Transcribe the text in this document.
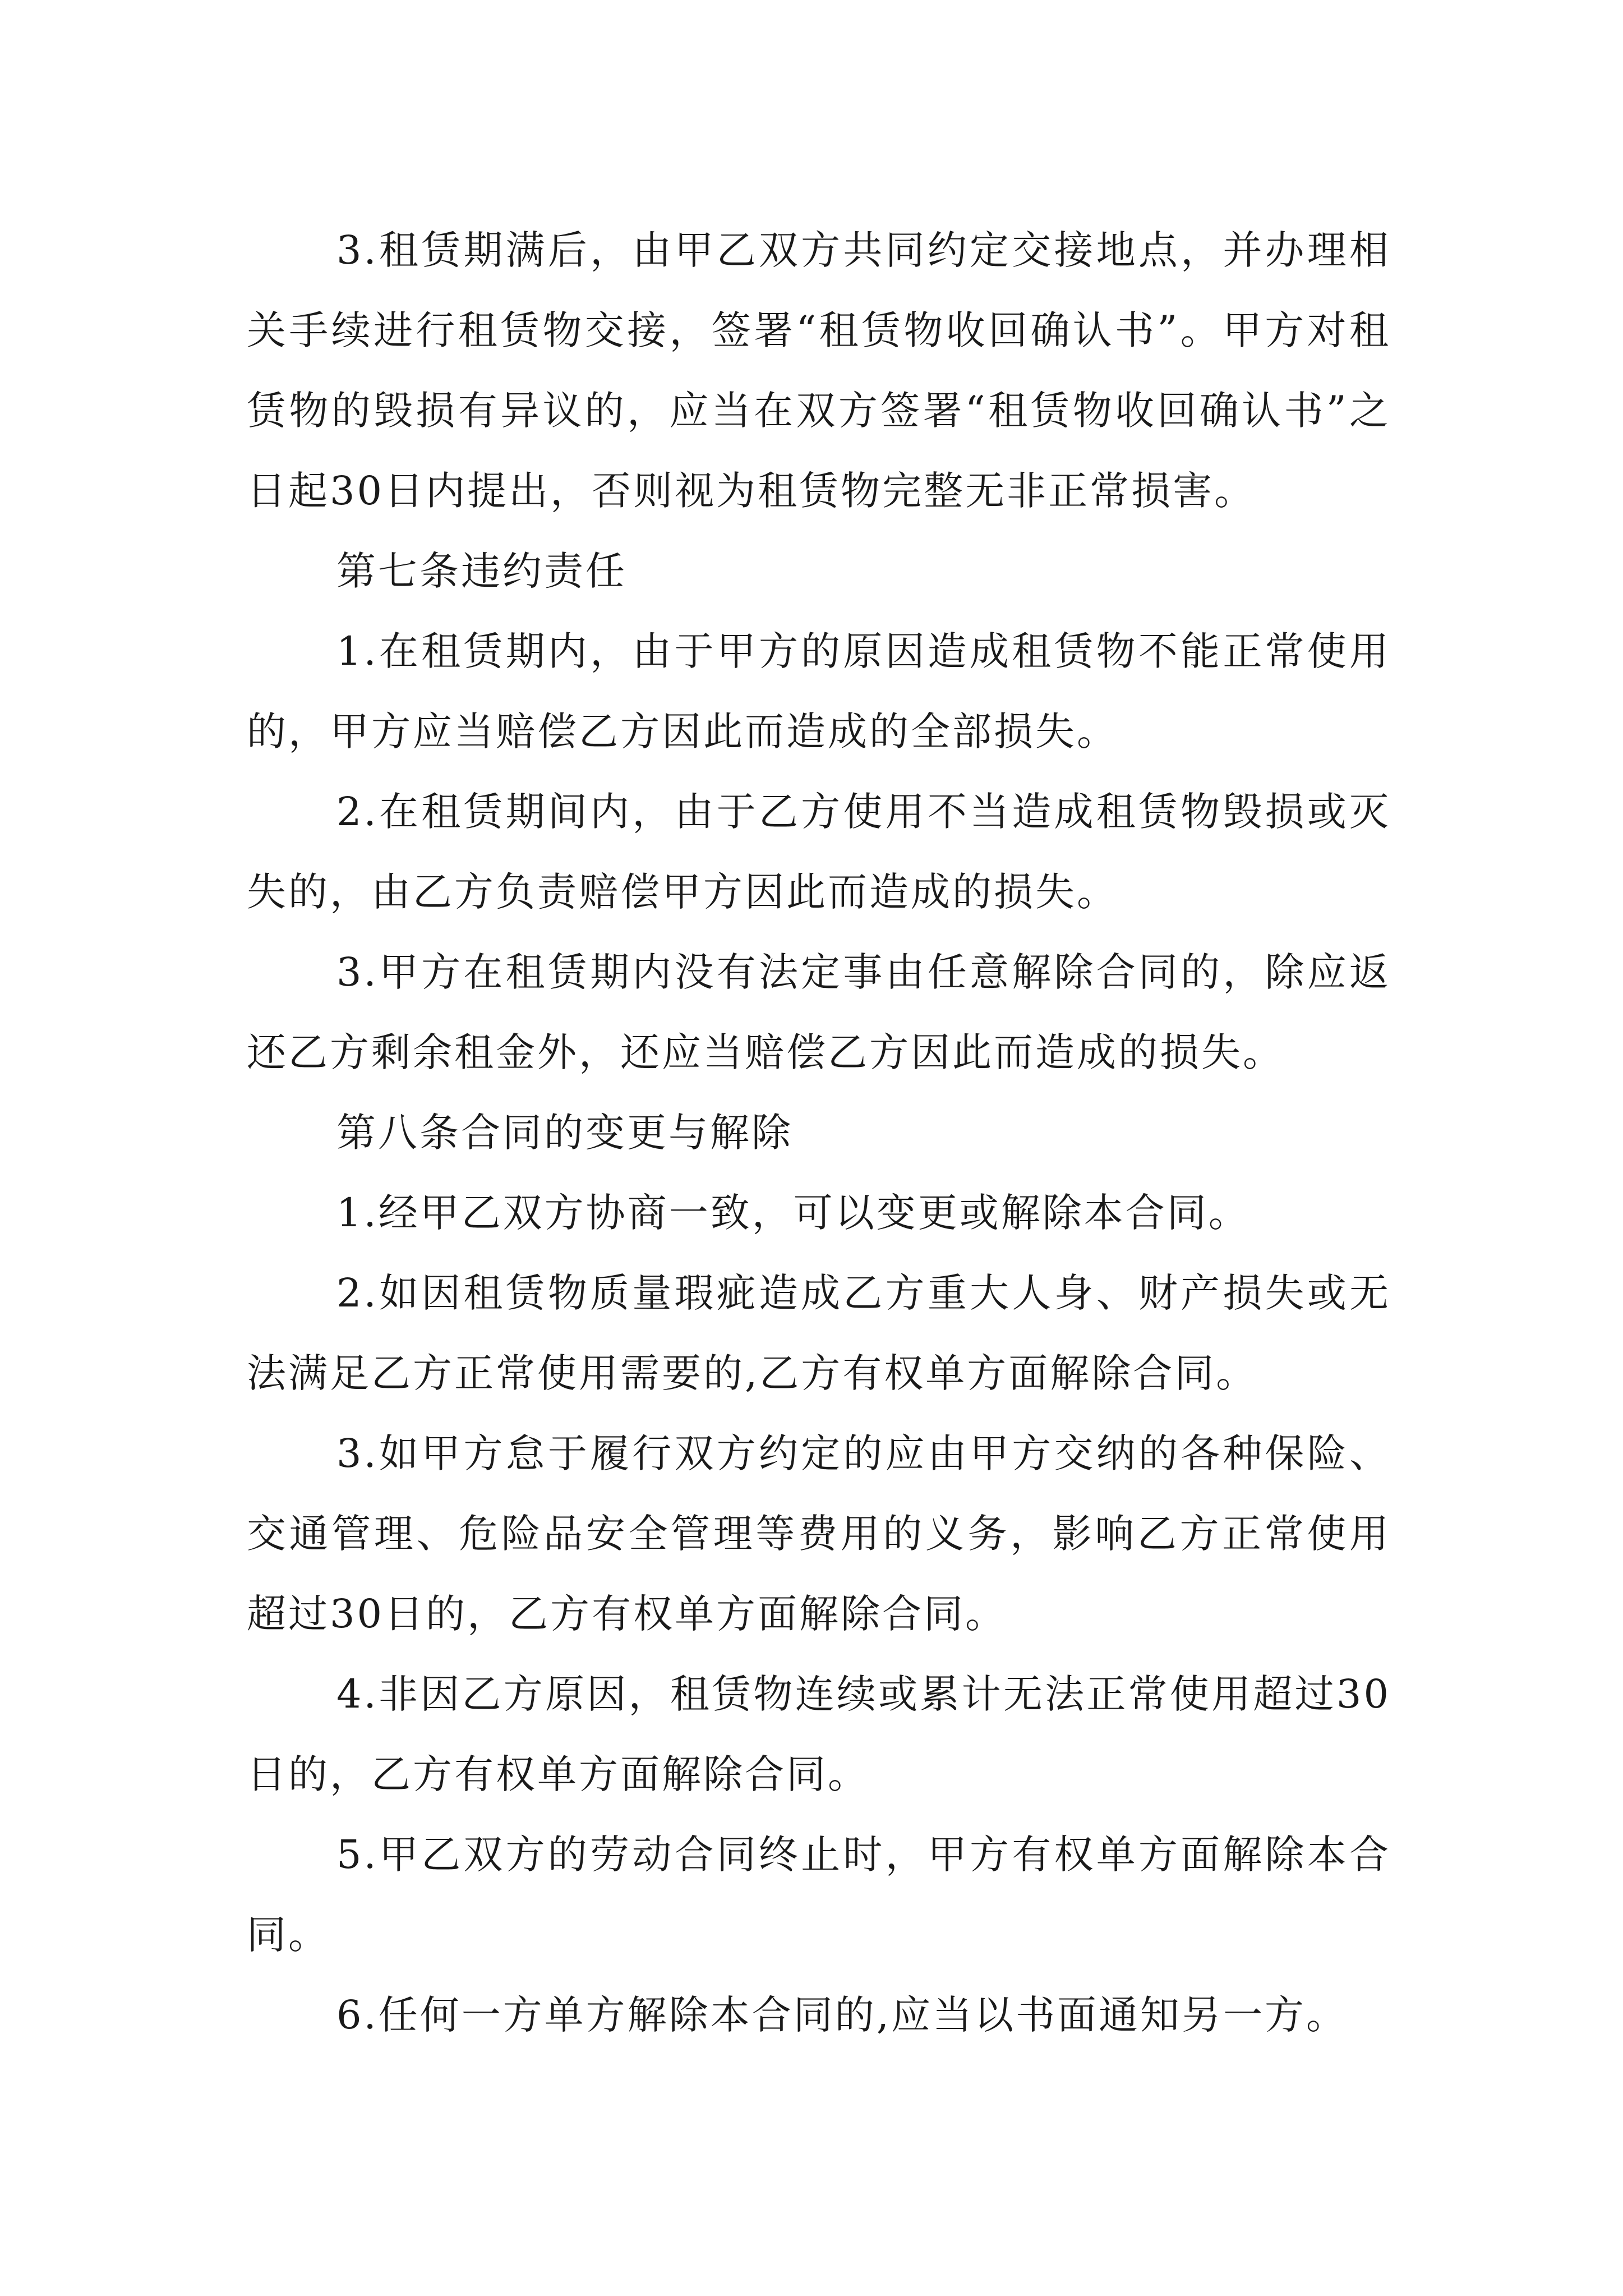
3.租赁期满后，由甲乙双方共同约定交接地点，并办理相关手续进行租赁物交接，签署“租赁物收回确认书”。甲方对租赁物的毁损有异议的，应当在双方签署“租赁物收回确认书”之日起30日内提出，否则视为租赁物完整无非正常损害。

第七条违约责任

1.在租赁期内，由于甲方的原因造成租赁物不能正常使用的，甲方应当赔偿乙方因此而造成的全部损失。

2.在租赁期间内，由于乙方使用不当造成租赁物毁损或灭失的，由乙方负责赔偿甲方因此而造成的损失。

3.甲方在租赁期内没有法定事由任意解除合同的，除应返还乙方剩余租金外，还应当赔偿乙方因此而造成的损失。

第八条合同的变更与解除

1.经甲乙双方协商一致，可以变更或解除本合同。

2.如因租赁物质量瑕疵造成乙方重大人身、财产损失或无法满足乙方正常使用需要的,乙方有权单方面解除合同。

3.如甲方怠于履行双方约定的应由甲方交纳的各种保险、交通管理、危险品安全管理等费用的义务，影响乙方正常使用超过30日的，乙方有权单方面解除合同。

4.非因乙方原因，租赁物连续或累计无法正常使用超过30日的，乙方有权单方面解除合同。

5.甲乙双方的劳动合同终止时，甲方有权单方面解除本合同。

6.任何一方单方解除本合同的,应当以书面通知另一方。
